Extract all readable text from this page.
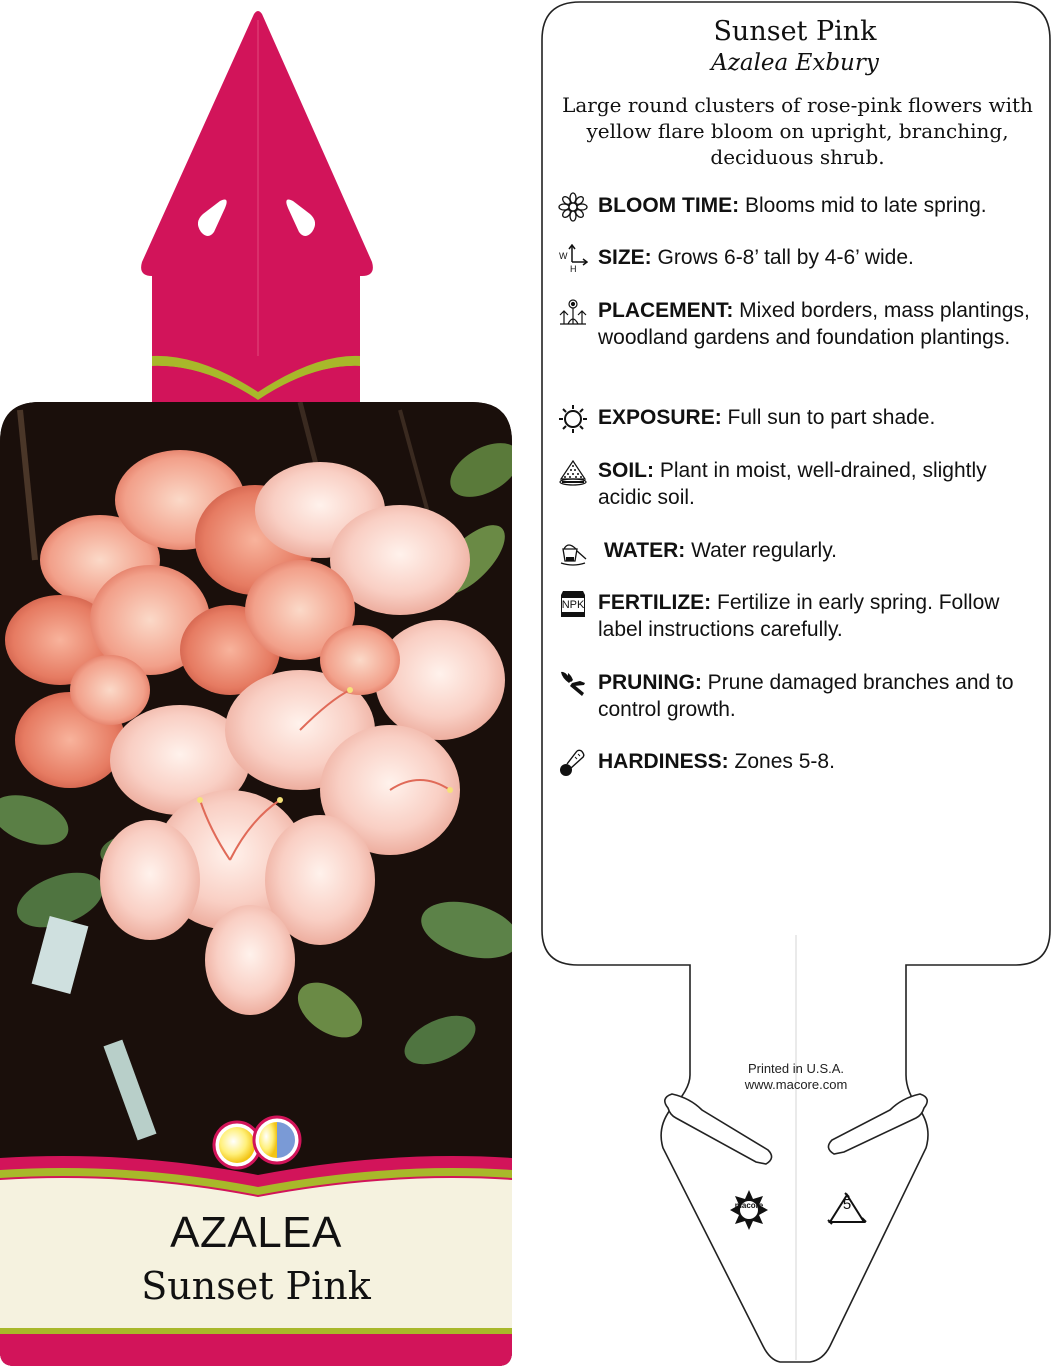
AZALEA
Sunset Pink
Sunset Pink
Azalea Exbury
Large round clusters of rose-pink flowers with yellow flare bloom on upright, branching, deciduous shrub.
BLOOM TIME: Blooms mid to late spring.
W
H SIZE: Grows 6-8’ tall by 4-6’ wide.
PLACEMENT: Mixed borders, mass plantings, woodland gardens and foundation plantings.
EXPOSURE: Full sun to part shade.
SOIL: Plant in moist, well-drained, slightly acidic soil.
WATER: Water regularly.
NPK FERTILIZE: Fertilize in early spring. Follow label instructions carefully.
PRUNING: Prune damaged branches and to control growth.
HARDINESS: Zones 5-8.
Printed in U.S.A.
www.macore.com
macore	5
